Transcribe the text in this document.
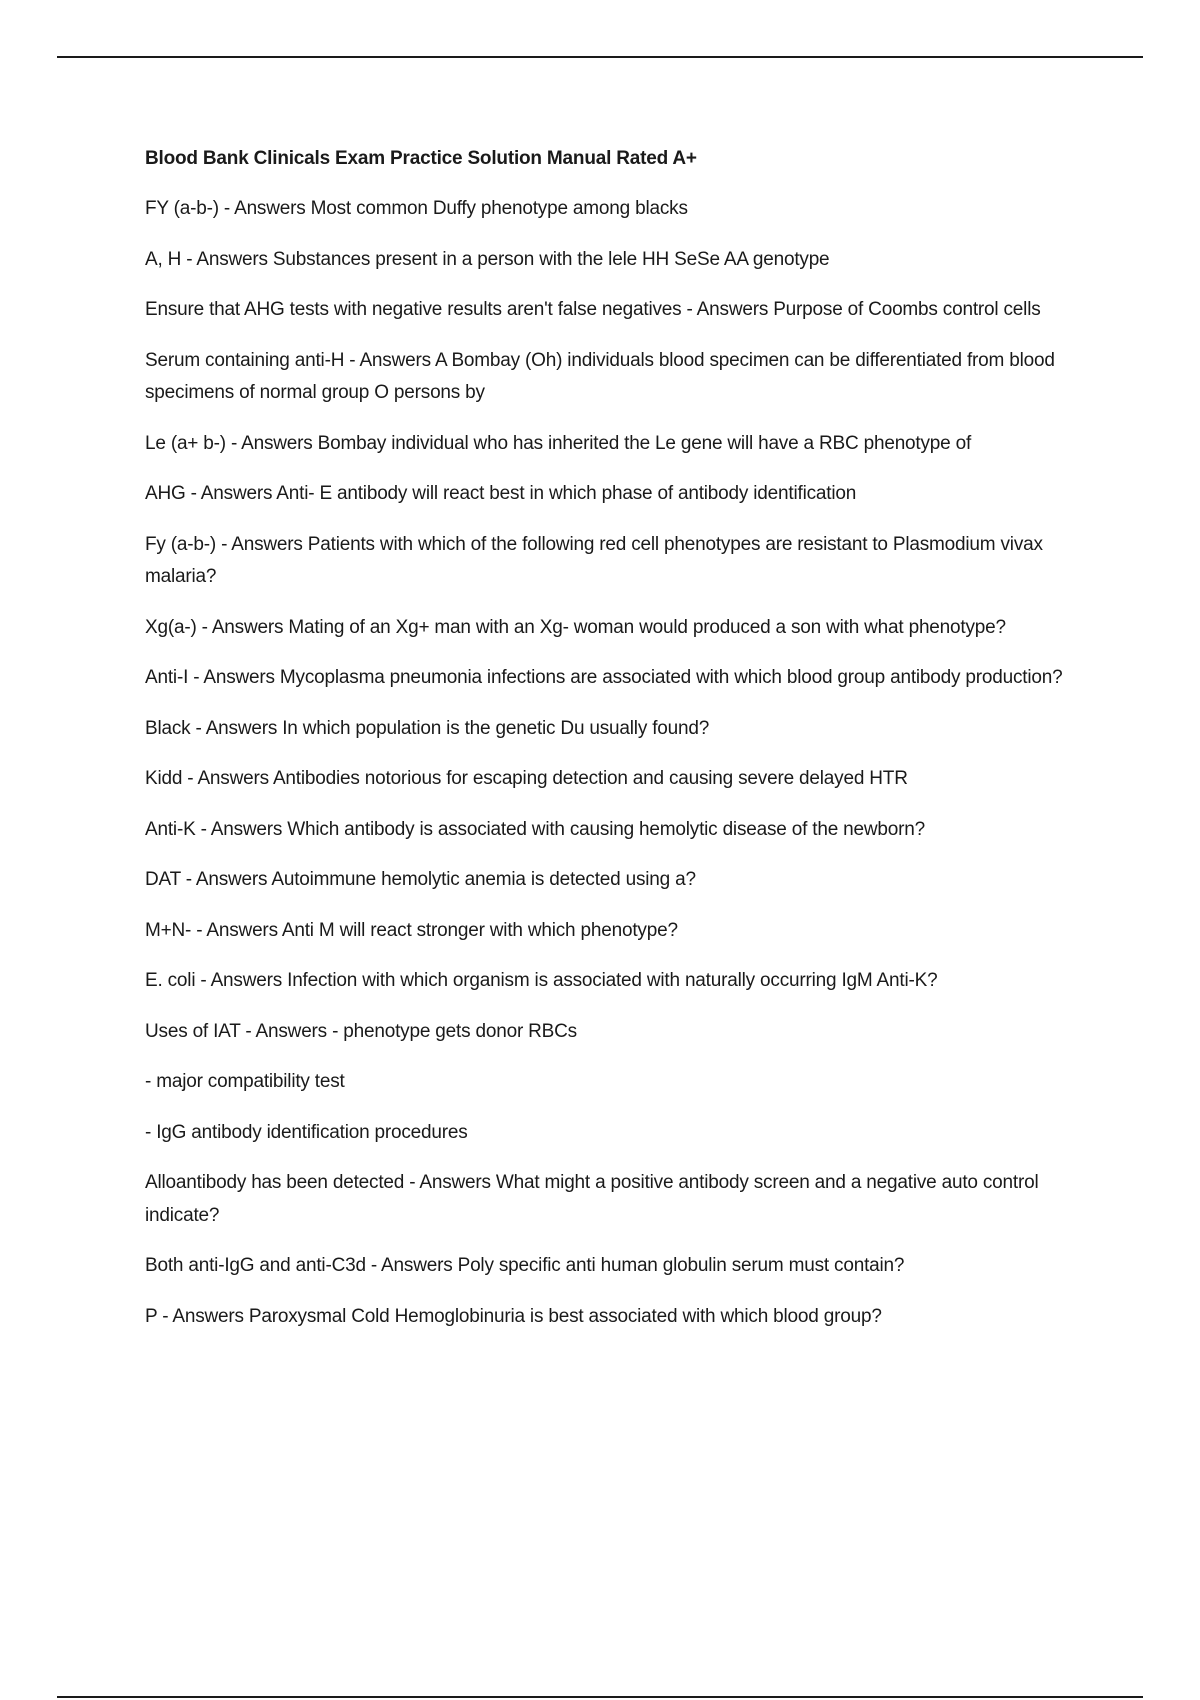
Blood Bank Clinicals Exam Practice Solution Manual Rated A+
FY (a-b-) - Answers Most common Duffy phenotype among blacks
A, H - Answers Substances present in a person with the lele HH SeSe AA genotype
Ensure that AHG tests with negative results aren't false negatives - Answers Purpose of Coombs control cells
Serum containing anti-H - Answers A Bombay (Oh) individuals blood specimen can be differentiated from blood specimens of normal group O persons by
Le (a+ b-) - Answers Bombay individual who has inherited the Le gene will have a RBC phenotype of
AHG - Answers Anti- E antibody will react best in which phase of antibody identification
Fy (a-b-) - Answers Patients with which of the following red cell phenotypes are resistant to Plasmodium vivax malaria?
Xg(a-) - Answers Mating of an Xg+ man with an Xg- woman would produced a son with what phenotype?
Anti-I - Answers Mycoplasma pneumonia infections are associated with which blood group antibody production?
Black - Answers In which population is the genetic Du usually found?
Kidd - Answers Antibodies notorious for escaping detection and causing severe delayed HTR
Anti-K - Answers Which antibody is associated with causing hemolytic disease of the newborn?
DAT - Answers Autoimmune hemolytic anemia is detected using a?
M+N- - Answers Anti M will react stronger with which phenotype?
E. coli - Answers Infection with which organism is associated with naturally occurring IgM Anti-K?
Uses of IAT - Answers - phenotype gets donor RBCs
- major compatibility test
- IgG antibody identification procedures
Alloantibody has been detected - Answers What might a positive antibody screen and a negative auto control indicate?
Both anti-IgG and anti-C3d - Answers Poly specific anti human globulin serum must contain?
P - Answers Paroxysmal Cold Hemoglobinuria is best associated with which blood group?
